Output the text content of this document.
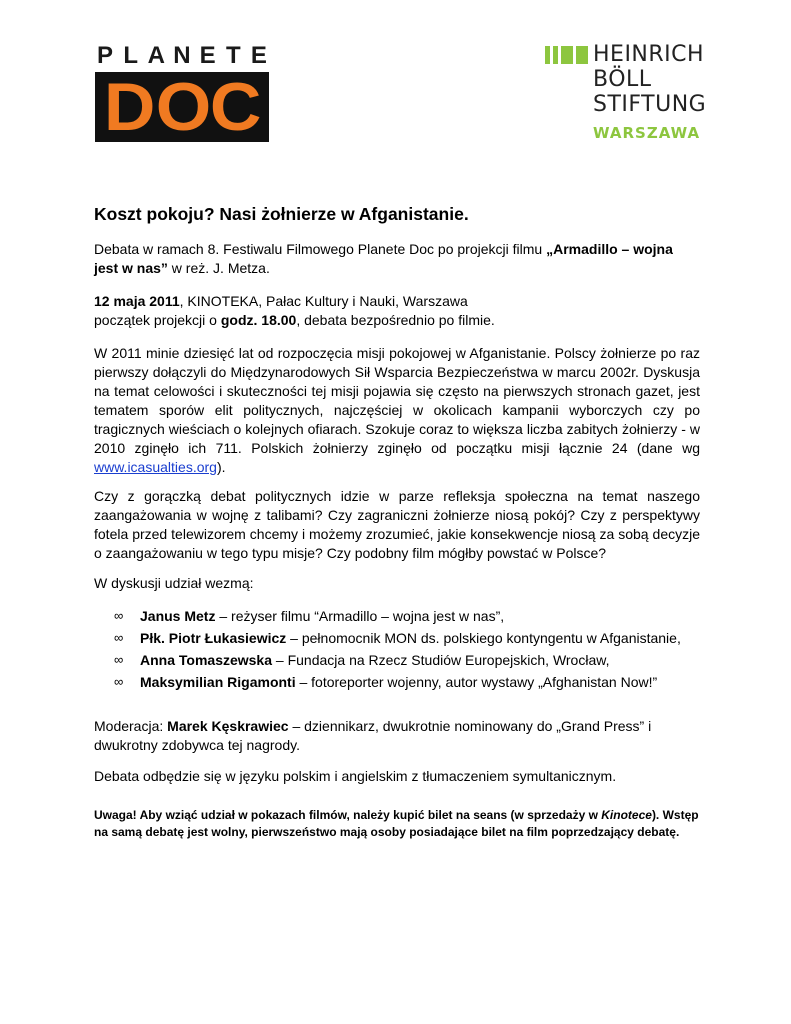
P L A N E T E
D O C
HEINRICH
BÖLL
STIFTUNG
WARSZAWA
Koszt pokoju? Nasi żołnierze w Afganistanie.

Debata w ramach 8. Festiwalu Filmowego Planete Doc po projekcji filmu „Armadillo – wojna jest w nas” w reż. J. Metza.

12 maja 2011, KINOTEKA, Pałac Kultury i Nauki, Warszawa
początek projekcji o godz. 18.00, debata bezpośrednio po filmie.

W 2011 minie dziesięć lat od rozpoczęcia misji pokojowej w Afganistanie. Polscy żołnierze po raz pierwszy dołączyli do Międzynarodowych Sił Wsparcia Bezpieczeństwa w marcu 2002r. Dyskusja na temat celowości i skuteczności tej misji pojawia się często na pierwszych stronach gazet, jest tematem sporów elit politycznych, najczęściej w okolicach kampanii wyborczych czy po tragicznych wieściach o kolejnych ofiarach. Szokuje coraz to większa liczba zabitych żołnierzy - w 2010 zginęło ich 711. Polskich żołnierzy zginęło od początku misji łącznie 24 (dane wg www.icasualties.org).

Czy z gorączką debat politycznych idzie w parze refleksja społeczna na temat naszego zaangażowania w wojnę z talibami? Czy zagraniczni żołnierze niosą pokój? Czy z perspektywy fotela przed telewizorem chcemy i możemy zrozumieć, jakie konsekwencje niosą za sobą decyzje o zaangażowaniu w tego typu misje? Czy podobny film mógłby powstać w Polsce?

W dyskusji udział wezmą:

∞ Janus Metz – reżyser filmu “Armadillo – wojna jest w nas”,
∞ Płk. Piotr Łukasiewicz – pełnomocnik MON ds. polskiego kontyngentu w Afganistanie,
∞ Anna Tomaszewska – Fundacja na Rzecz Studiów Europejskich, Wrocław,
∞ Maksymilian Rigamonti – fotoreporter wojenny, autor wystawy „Afghanistan Now!”

Moderacja: Marek Kęskrawiec – dziennikarz, dwukrotnie nominowany do „Grand Press” i dwukrotny zdobywca tej nagrody.

Debata odbędzie się w języku polskim i angielskim z tłumaczeniem symultanicznym.

Uwaga! Aby wziąć udział w pokazach filmów, należy kupić bilet na seans (w sprzedaży w Kinotece). Wstęp na samą debatę jest wolny, pierwszeństwo mają osoby posiadające bilet na film poprzedzający debatę.
